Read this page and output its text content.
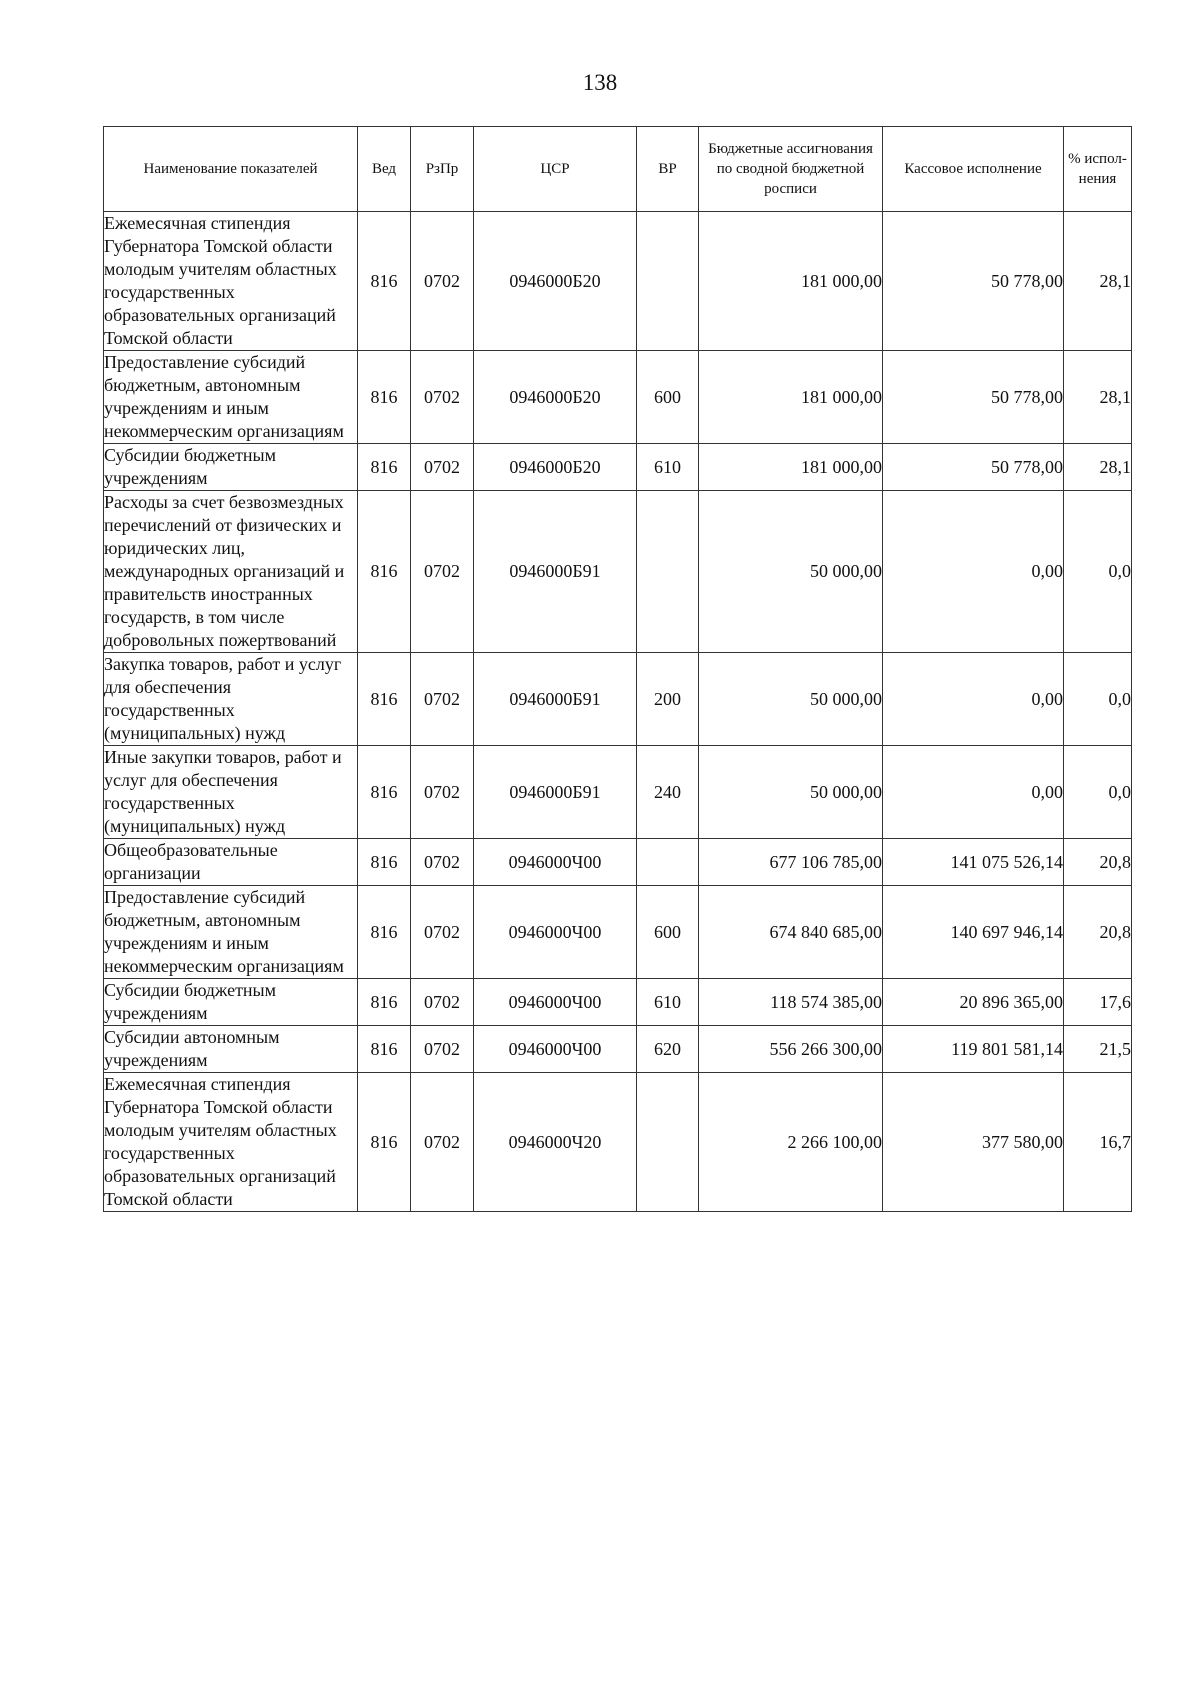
138
Наименование показателей	Вед	РзПр	ЦСР	ВР	Бюджетные ассигнования по сводной бюджетной росписи	Кассовое исполнение	% испол-нения
Ежемесячная стипендия Губернатора Томской области молодым учителям областных государственных образовательных организаций Томской области	816	0702	0946000Б20		181 000,00	50 778,00	28,1
Предоставление субсидий бюджетным, автономным учреждениям и иным некоммерческим организациям	816	0702	0946000Б20	600	181 000,00	50 778,00	28,1
Субсидии бюджетным учреждениям	816	0702	0946000Б20	610	181 000,00	50 778,00	28,1
Расходы за счет безвозмездных перечислений от физических и юридических лиц, международных организаций и правительств иностранных государств, в том числе добровольных пожертвований	816	0702	0946000Б91		50 000,00	0,00	0,0
Закупка товаров, работ и услуг для обеспечения государственных (муниципальных) нужд	816	0702	0946000Б91	200	50 000,00	0,00	0,0
Иные закупки товаров, работ и услуг для обеспечения государственных (муниципальных) нужд	816	0702	0946000Б91	240	50 000,00	0,00	0,0
Общеобразовательные организации	816	0702	0946000Ч00		677 106 785,00	141 075 526,14	20,8
Предоставление субсидий бюджетным, автономным учреждениям и иным некоммерческим организациям	816	0702	0946000Ч00	600	674 840 685,00	140 697 946,14	20,8
Субсидии бюджетным учреждениям	816	0702	0946000Ч00	610	118 574 385,00	20 896 365,00	17,6
Субсидии автономным учреждениям	816	0702	0946000Ч00	620	556 266 300,00	119 801 581,14	21,5
Ежемесячная стипендия Губернатора Томской области молодым учителям областных государственных образовательных организаций Томской области	816	0702	0946000Ч20		2 266 100,00	377 580,00	16,7
